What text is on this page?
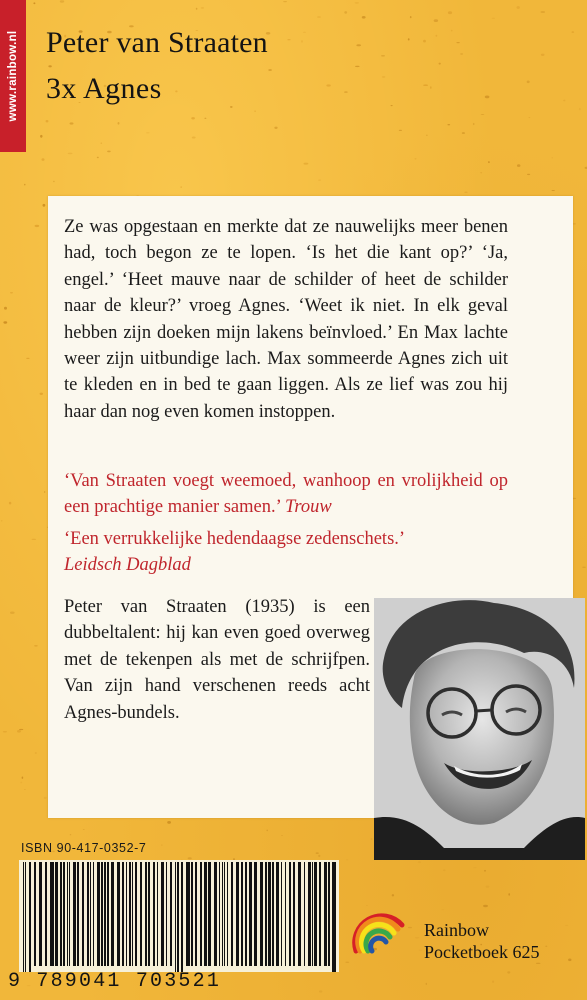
www.rainbow.nl Peter van Straaten
3x Agnes
Ze was opgestaan en merkte dat ze nauwelijks meer benen had, toch begon ze te lopen. ‘Is het die kant op?’ ‘Ja, engel.’ ‘Heet mauve naar de schilder of heet de schilder naar de kleur?’ vroeg Agnes. ‘Weet ik niet. In elk geval hebben zijn doeken mijn lakens beïnvloed.’ En Max lachte weer zijn uitbundige lach. Max sommeerde Agnes zich uit te kleden en in bed te gaan liggen. Als ze lief was zou hij haar dan nog even komen instoppen.
‘Van Straaten voegt weemoed, wanhoop en vrolijkheid op een prachtige manier samen.’ Trouw
‘Een verrukkelijke hedendaagse zedenschets.’
Leidsch Dagblad
Peter van Straaten (1935) is een dubbeltalent: hij kan even goed overweg met de tekenpen als met de schrijfpen. Van zijn hand verschenen reeds acht Agnes-bundels.
ISBN 90-417-0352-7
9 789041 703521
Rainbow
Pocketboek 625
